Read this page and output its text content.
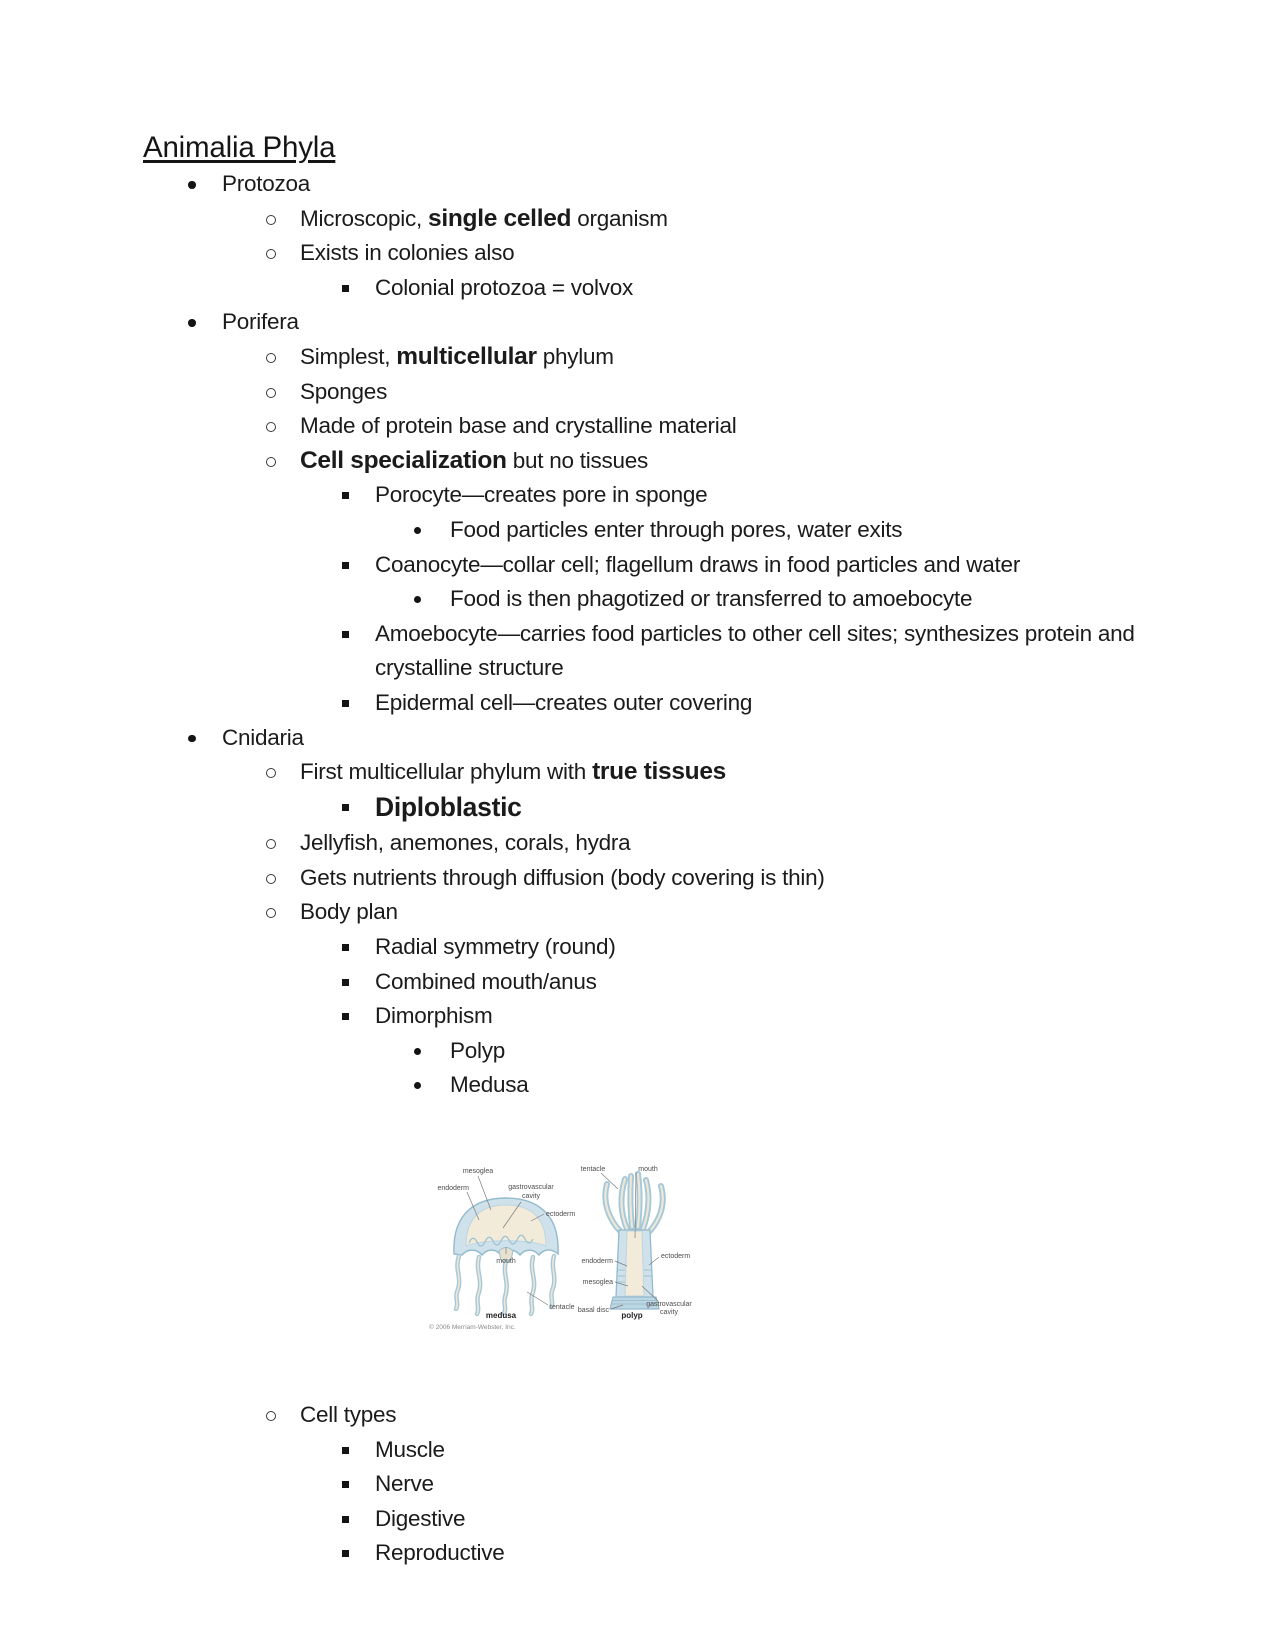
Animalia Phyla
Protozoa
Microscopic, single celled organism
Exists in colonies also
Colonial protozoa = volvox
Porifera
Simplest, multicellular phylum
Sponges
Made of protein base and crystalline material
Cell specialization but no tissues
Porocyte—creates pore in sponge
Food particles enter through pores, water exits
Coanocyte—collar cell; flagellum draws in food particles and water
Food is then phagotized or transferred to amoebocyte
Amoebocyte—carries food particles to other cell sites; synthesizes protein and crystalline structure
Epidermal cell—creates outer covering
Cnidaria
First multicellular phylum with true tissues
Diploblastic
Jellyfish, anemones, corals, hydra
Gets nutrients through diffusion (body covering is thin)
Body plan
Radial symmetry (round)
Combined mouth/anus
Dimorphism
Polyp
Medusa
mesoglea
endoderm	gastrovascular
cavity
ectoderm
mouth
tentacle
medusa
© 2006 Merriam-Webster, Inc.
tentacle	mouth
endoderm
ectoderm
mesoglea
basal disc
gastrovascular
cavity
polyp
Cell types
Muscle
Nerve
Digestive
Reproductive
